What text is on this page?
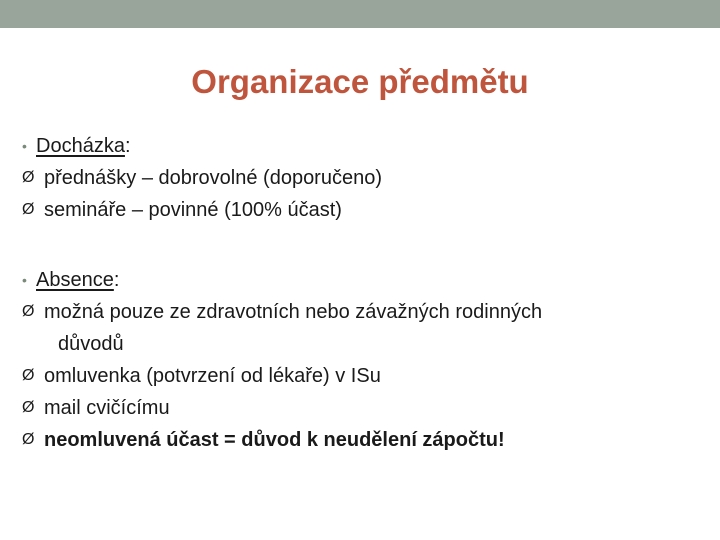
Organizace předmětu
• Docházka:
Ø přednášky – dobrovolné (doporučeno)
Ø semináře – povinné (100% účast)
• Absence:
Ø možná pouze ze zdravotních nebo závažných rodinných
důvodů
Ø omluvenka (potvrzení od lékaře) v ISu
Ø mail cvičícímu
Ø neomluvená účast = důvod k neudělení zápočtu!
